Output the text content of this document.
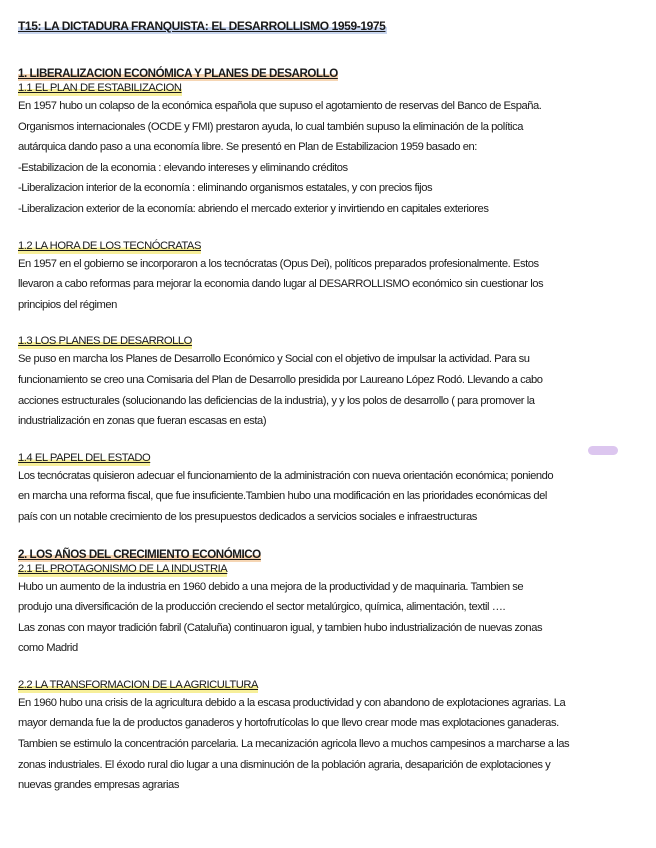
T15: LA DICTADURA FRANQUISTA: EL DESARROLLISMO 1959-1975
1. LIBERALIZACION ECONÓMICA Y PLANES DE DESAROLLO
1.1 EL PLAN DE ESTABILIZACION

En 1957 hubo un colapso de la económica española que supuso el agotamiento de reservas del Banco de España.

Organismos internacionales (OCDE y FMI) prestaron ayuda, lo cual también supuso la eliminación de la política

autárquica dando paso a una economía libre. Se presentó en Plan de Estabilizacion 1959 basado en:

-Estabilizacion de la economia : elevando intereses y eliminando créditos

-Liberalizacion interior de la economía : eliminando organismos estatales, y con precios fijos

-Liberalizacion exterior de la economía: abriendo el mercado exterior y invirtiendo en capitales exteriores

1.2 LA HORA DE LOS TECNÓCRATAS

En 1957 en el gobierno se incorporaron a los tecnócratas (Opus Dei), políticos preparados profesionalmente. Estos

llevaron a cabo reformas para mejorar la economia dando lugar al DESARROLLISMO económico sin cuestionar los

principios del régimen

1.3 LOS PLANES DE DESARROLLO

Se puso en marcha los Planes de Desarrollo Económico y Social con el objetivo de impulsar la actividad. Para su

funcionamiento se creo una Comisaria del Plan de Desarrollo presidida por Laureano López Rodó. Llevando a cabo

acciones estructurales (solucionando las deficiencias de la industria), y y los polos de desarrollo ( para promover la

industrialización en zonas que fueran escasas en esta)

1.4 EL PAPEL DEL ESTADO

Los tecnócratas quisieron adecuar el funcionamiento de la administración con nueva orientación económica; poniendo

en marcha una reforma fiscal, que fue insuficiente.Tambien hubo una modificación en las prioridades económicas del

país con un notable crecimiento de los presupuestos dedicados a servicios sociales e infraestructuras

2. LOS AÑOS DEL CRECIMIENTO ECONÓMICO
2.1 EL PROTAGONISMO DE LA INDUSTRIA

Hubo un aumento de la industria en 1960 debido a una mejora de la productividad y de maquinaria. Tambien se

produjo una diversificación de la producción creciendo el sector metalúrgico, química, alimentación, textil ….

Las zonas con mayor tradición fabril (Cataluña) continuaron igual, y tambien hubo industrialización de nuevas zonas

como Madrid

2.2 LA TRANSFORMACION DE LA AGRICULTURA

En 1960 hubo una crisis de la agricultura debido a la escasa productividad y con abandono de explotaciones agrarias. La

mayor demanda fue la de productos ganaderos y hortofrutícolas lo que llevo crear mode mas explotaciones ganaderas.

Tambien se estimulo la concentración parcelaria. La mecanización agricola llevo a muchos campesinos a marcharse a las

zonas industriales. El éxodo rural dio lugar a una disminución de la población agraria, desaparición de explotaciones y

nuevas grandes empresas agrarias
